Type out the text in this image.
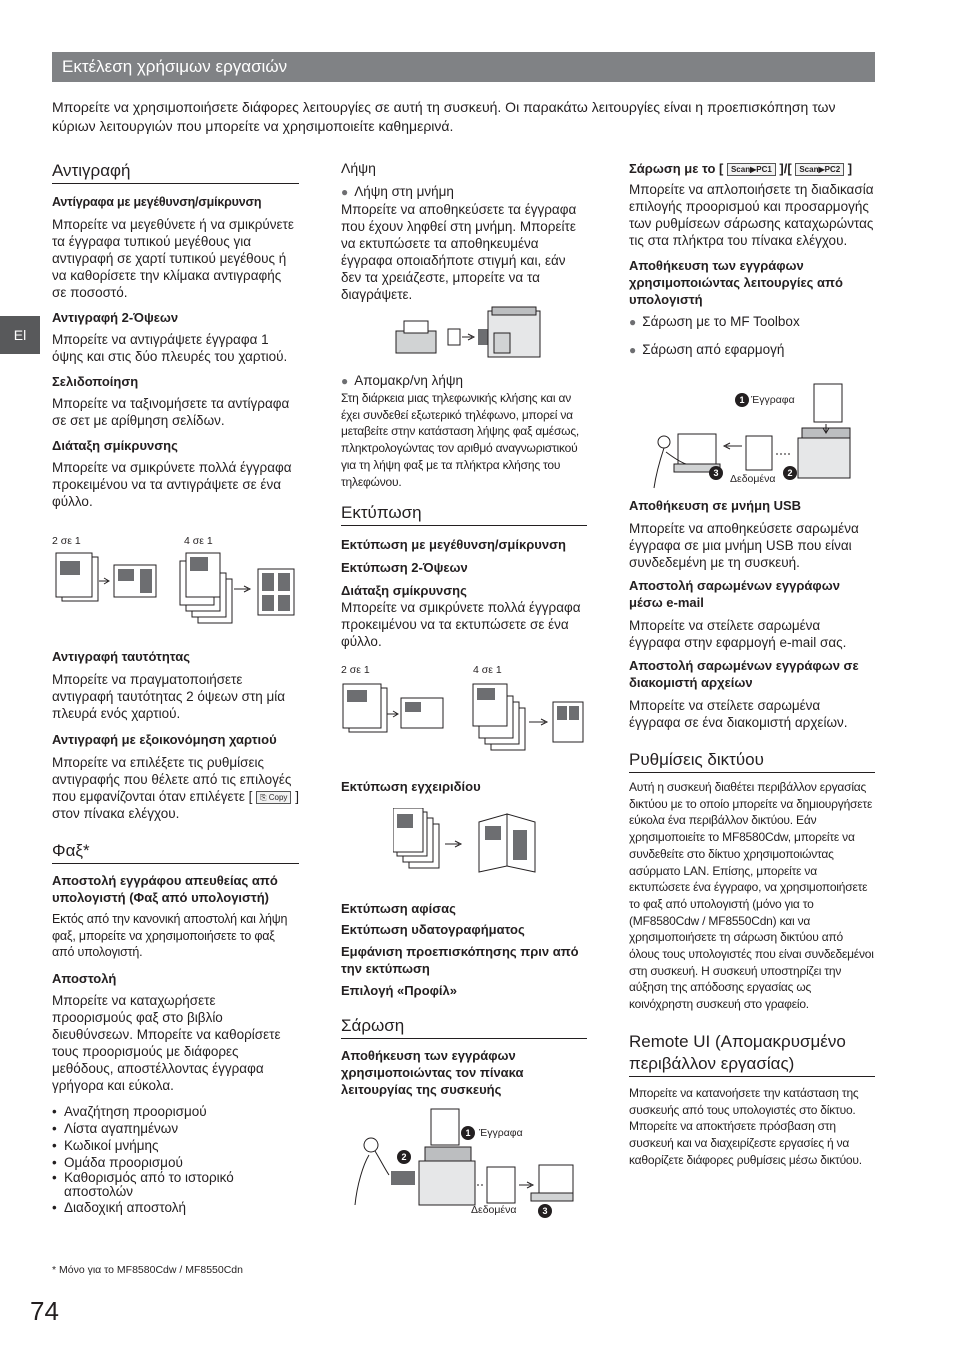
Εκτέλεση χρήσιμων εργασιών
Μπορείτε να χρησιμοποιήσετε διάφορες λειτουργίες σε αυτή τη συσκευή. Οι παρακάτω λειτουργίες είναι η προεπισκόπηση των κύριων λειτουργιών που μπορείτε να χρησιμοποιείτε καθημερινά.
El
Αντιγραφή
Αντίγραφα με μεγέθυνση/σμίκρυνση

Μπορείτε να μεγεθύνετε ή να σμικρύνετε τα έγγραφα τυπικού μεγέθους για αντιγραφή σε χαρτί τυπικού μεγέθους ή να καθορίσετε την κλίμακα αντιγραφής σε ποσοστό.

Αντιγραφή 2-Όψεων

Μπορείτε να αντιγράψετε έγγραφα 1 όψης και στις δύο πλευρές του χαρτιού.

Σελιδοποίηση

Μπορείτε να ταξινομήσετε τα αντίγραφα σε σετ με αρίθμηση σελίδων.

Διάταξη σμίκρυνσης

Μπορείτε να σμικρύνετε πολλά έγγραφα προκειμένου να τα αντιγράψετε σε ένα φύλλο.

2 σε 1	4 σε 1
Αντιγραφή ταυτότητας

Μπορείτε να πραγματοποιήσετε αντιγραφή ταυτότητας 2 όψεων στη μία πλευρά ενός χαρτιού.

Αντιγραφή με εξοικονόμηση χαρτιού

Μπορείτε να επιλέξετε τις ρυθμίσεις αντιγραφής που θέλετε από τις επιλογές που εμφανίζονται όταν επιλέγετε [ ⎘ Copy ] στον πίνακα ελέγχου.

Φαξ*
Αποστολή εγγράφου απευθείας από υπολογιστή (Φαξ από υπολογιστή)

Εκτός από την κανονική αποστολή και λήψη φαξ, μπορείτε να χρησιμοποιήσετε το φαξ από υπολογιστή.

Αποστολή

Μπορείτε να καταχωρήσετε προορισμούς φαξ στο βιβλίο διευθύνσεων. Μπορείτε να καθορίσετε τους προορισμούς με διάφορες μεθόδους, αποστέλλοντας έγγραφα γρήγορα και εύκολα.

• Αναζήτηση προορισμού
• Λίστα αγαπημένων
• Κωδικοί μνήμης
• Ομάδα προορισμού
• Καθορισμός από το ιστορικό αποστολών
• Διαδοχική αποστολή
* Μόνο για το MF8580Cdw / MF8550Cdn
74
Λήψη
● Λήψη στη μνήμη

Μπορείτε να αποθηκεύσετε τα έγγραφα που έχουν ληφθεί στη μνήμη. Μπορείτε να εκτυπώσετε τα αποθηκευμένα έγγραφα οποιαδήποτε στιγμή και, εάν δεν τα χρειάζεστε, μπορείτε να τα διαγράψετε.

● Απομακρ/νη λήψη

Στη διάρκεια μιας τηλεφωνικής κλήσης και αν έχει συνδεθεί εξωτερικό τηλέφωνο, μπορεί να μεταβείτε στην κατάσταση λήψης φαξ αμέσως, πληκτρολογώντας τον αριθμό αναγνωριστικού για τη λήψη φαξ με τα πλήκτρα κλήσης του τηλεφώνου.

Εκτύπωση
Εκτύπωση με μεγέθυνση/σμίκρυνση
Εκτύπωση 2-Όψεων
Διάταξη σμίκρυνσης

Μπορείτε να σμικρύνετε πολλά έγγραφα προκειμένου να τα εκτυπώσετε σε ένα φύλλο.

2 σε 1	4 σε 1
Εκτύπωση εγχειριδίου
Εκτύπωση αφίσας
Εκτύπωση υδατογραφήματος
Εμφάνιση προεπισκόπησης πριν από την εκτύπωση
Επιλογή «Προφίλ»
Σάρωση
Αποθήκευση των εγγράφων χρησιμοποιώντας τον πίνακα λειτουργίας της συσκευής
1 Έγγραφα
2
Δεδομένα	3
Σάρωση με το [ Scan▶PC1 ]/[ Scan▶PC2 ]

Μπορείτε να απλοποιήσετε τη διαδικασία επιλογής προορισμού και προσαρμογής των ρυθμίσεων σάρωσης καταχωρώντας τις στα πλήκτρα του πίνακα ελέγχου.

Αποθήκευση των εγγράφων χρησιμοποιώντας λειτουργίες από υπολογιστή
● Σάρωση με το MF Toolbox
● Σάρωση από εφαρμογή
1 Έγγραφα
2
3	Δεδομένα
Αποθήκευση σε μνήμη USB

Μπορείτε να αποθηκεύσετε σαρωμένα έγγραφα σε μια μνήμη USB που είναι συνδεδεμένη με τη συσκευή.

Αποστολή σαρωμένων εγγράφων μέσω e-mail

Μπορείτε να στείλετε σαρωμένα έγγραφα στην εφαρμογή e-mail σας.

Αποστολή σαρωμένων εγγράφων σε διακομιστή αρχείων

Μπορείτε να στείλετε σαρωμένα έγγραφα σε ένα διακομιστή αρχείων.

Ρυθμίσεις δικτύου

Αυτή η συσκευή διαθέτει περιβάλλον εργασίας δικτύου με το οποίο μπορείτε να δημιουργήσετε εύκολα ένα περιβάλλον δικτύου. Εάν χρησιμοποιείτε το MF8580Cdw, μπορείτε να συνδεθείτε στο δίκτυο χρησιμοποιώντας ασύρματο LAN. Επίσης, μπορείτε να εκτυπώσετε ένα έγγραφο, να χρησιμοποιήσετε το φαξ από υπολογιστή (μόνο για το (MF8580Cdw / MF8550Cdn) και να χρησιμοποιήσετε τη σάρωση δικτύου από όλους τους υπολογιστές που είναι συνδεδεμένοι στη συσκευή. Η συσκευή υποστηρίζει την αύξηση της απόδοσης εργασίας ως κοινόχρηστη συσκευή στο γραφείο.

Remote UI (Απομακρυσμένο περιβάλλον εργασίας)

Μπορείτε να κατανοήσετε την κατάσταση της συσκευής από τους υπολογιστές στο δίκτυο. Μπορείτε να αποκτήσετε πρόσβαση στη συσκευή και να διαχειρίζεστε εργασίες ή να καθορίζετε διάφορες ρυθμίσεις μέσω δικτύου.
